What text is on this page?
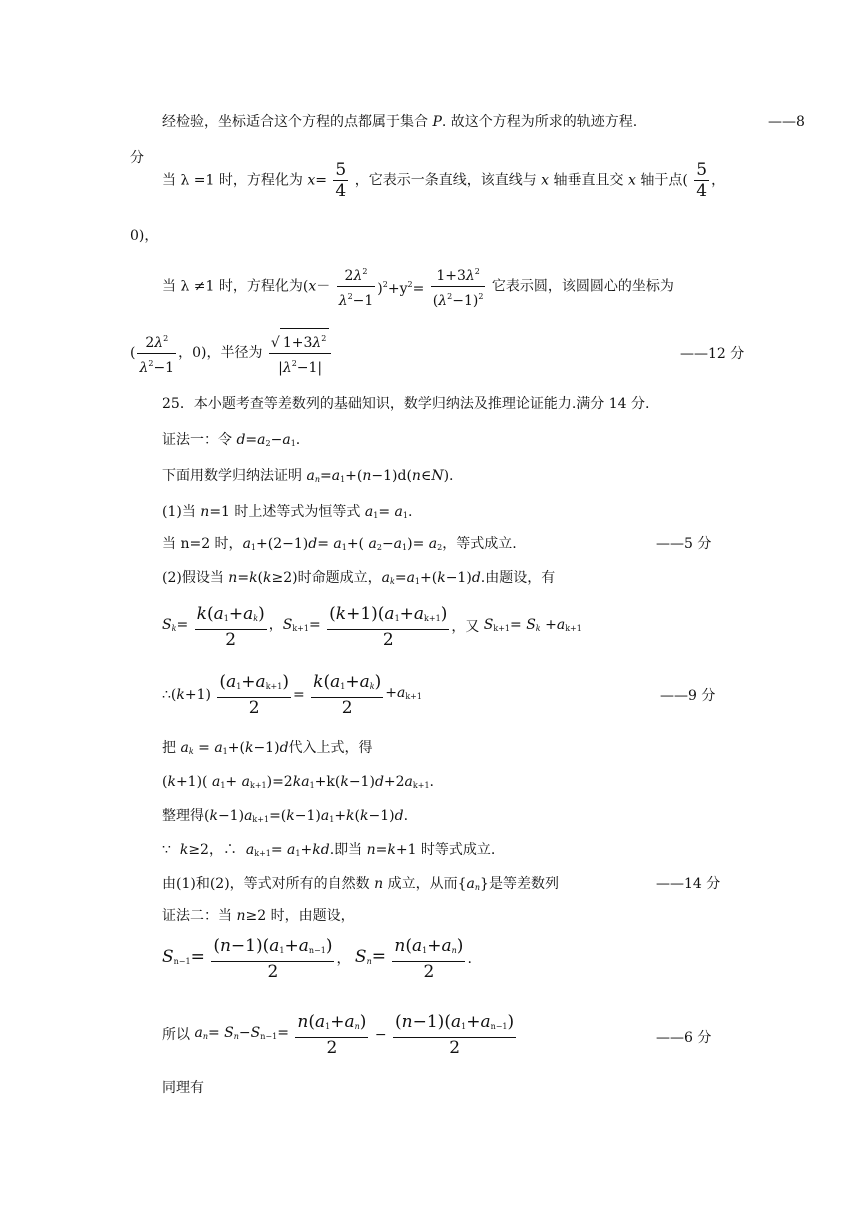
经检验，坐标适合这个方程的点都属于集合 P. 故这个方程为所求的轨迹方程.	——8
分
当 λ =1 时，方程化为 $x= \frac{5}{4}$ ，它表示一条直线，该直线与 x 轴垂直且交 x 轴于点( $\frac{5}{4}$ ，
0)，
当 λ ≠1 时，方程化为$(x- \frac{2\lambda^2}{\lambda^2-1} )^2+y^2= \frac{1+3\lambda^2}{(\lambda^2-1)^2}$ 它表示圆，该圆圆心的坐标为
( $\frac{2\lambda^2}{\lambda^2-1}$ ，0)，半径为 $\frac{√ 1+3\lambda^2}{|\lambda^2-1|}$	——12 分
25．本小题考查等差数列的基础知识，数学归纳法及推理论证能力.满分 14 分.
证法一：令 $d=a_2-a_1$.
下面用数学归纳法证明 $a_n=a_1+(n-1)d(n\in N)$.
(1)当 n=1 时上述等式为恒等式 $a_1= a_1$.
当 n=2 时，$a_1+(2-1)d= a_1+$( $a_2-a_1)= a_2$，等式成立.	——5 分
(2)假设当 n=k(k≥2)时命题成立，$a_k=a_1+(k-1)d$.由题设，有
$S_k= \frac{k(a_1+a_k)}{2}$ ，$S_{k+1}= \frac{(k+1)(a_1+a_{k+1})}{2}$ ，又 $S_{k+1}= S_k +a_{k+1}$
∴(k+1) $\frac{(a_1+a_{k+1})}{2} = \frac{k(a_1+a_k)}{2} +a_{k+1}$	——9 分
把 $a_k = a_1+(k-1)d$代入上式，得
(k+1)( $a_1+ a_{k+1})=2ka_1+k(k-1)d+2a_{k+1}$.
整理得$(k-1)a_{k+1}=(k-1)a_1+k(k-1)d$.
∵ k≥2，∴ $a_{k+1}= a_1+kd$.即当 n=k+1 时等式成立.
由(1)和(2)，等式对所有的自然数 n 成立，从而$\{a_n\}$是等差数列	——14 分
证法二：当 n≥2 时，由题设，
$S_{n-1}= \frac{(n-1)(a_1+a_{n-1})}{2}$ ， $S_n= \frac{n(a_1+a_n)}{2}$ .
所以 $a_n= S_n-S_{n-1}= \frac{n(a_1+a_n)}{2} - \frac{(n-1)(a_1+a_{n-1})}{2}$	——6 分
同理有
